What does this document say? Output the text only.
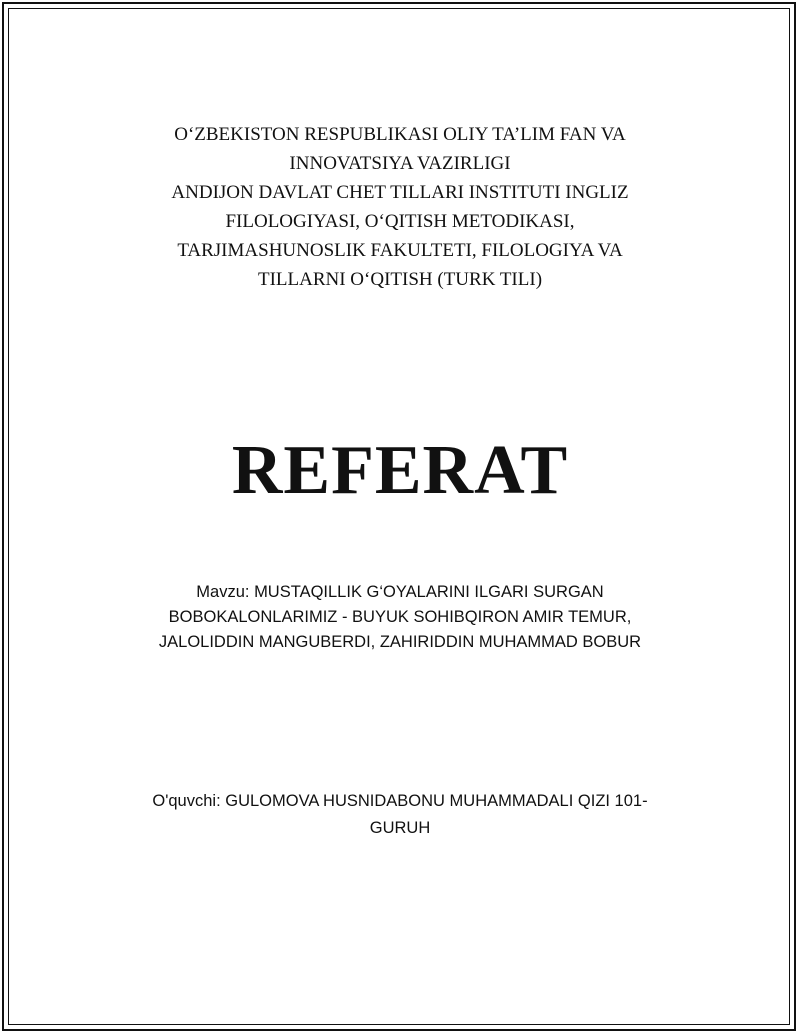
O‘ZBEKISTON RESPUBLIKASI OLIY TA’LIM FAN VA
INNOVATSIYA VAZIRLIGI
ANDIJON DAVLAT CHET TILLARI INSTITUTI INGLIZ
FILOLOGIYASI, O‘QITISH METODIKASI,
TARJIMASHUNOSLIK FAKULTETI, FILOLOGIYA VA
TILLARNI O‘QITISH (TURK TILI)
REFERAT
Mavzu: MUSTAQILLIK G‘OYALARINI ILGARI SURGAN
BOBOKALONLARIMIZ - BUYUK SOHIBQIRON AMIR TEMUR,
JALOLIDDIN MANGUBERDI, ZAHIRIDDIN MUHAMMAD BOBUR
O'quvchi: GULOMOVA HUSNIDABONU MUHAMMADALI QIZI 101-
GURUH
